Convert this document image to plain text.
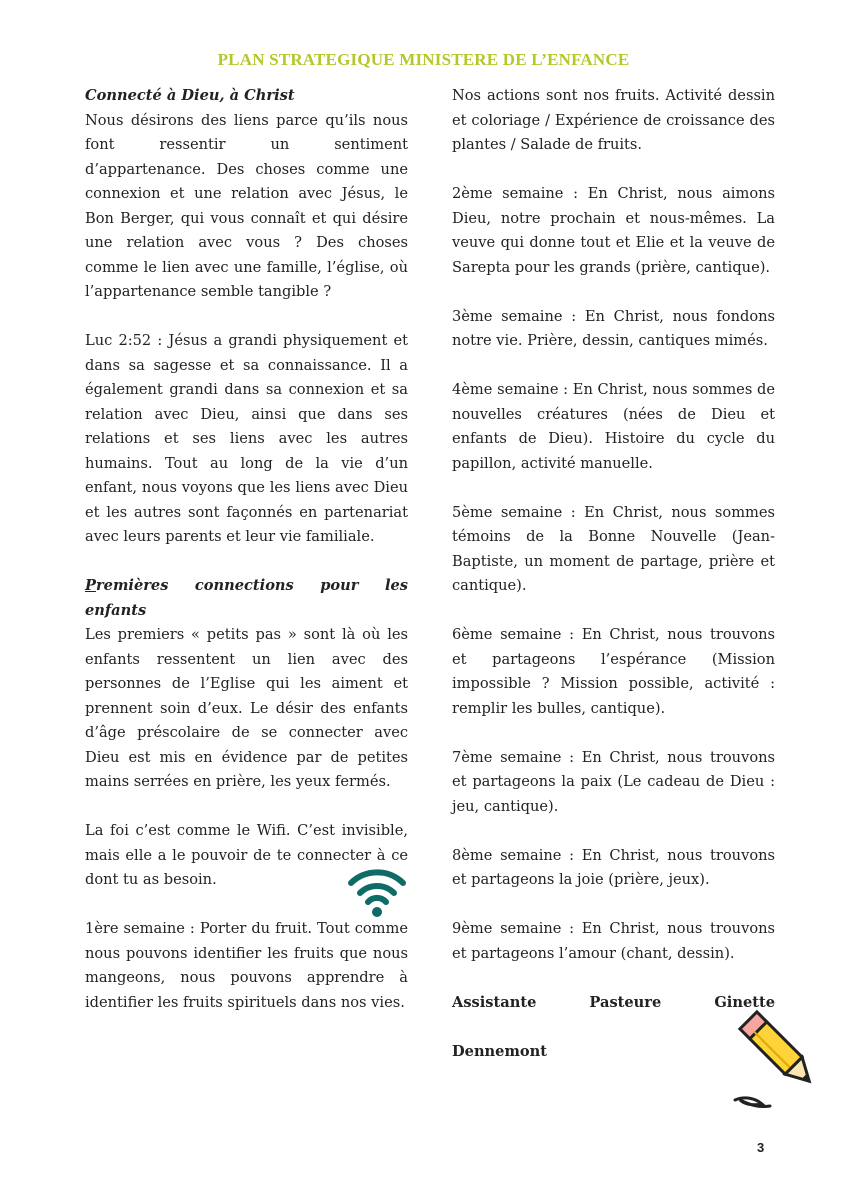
PLAN STRATEGIQUE MINISTERE DE L’ENFANCE

Connecté à Dieu, à Christ

Nous désirons des liens parce qu’ils nous font ressentir un sentiment d’appartenance. Des choses comme une connexion et une relation avec Jésus, le Bon Berger, qui vous connaît et qui désire une relation avec vous ? Des choses comme le lien avec une famille, l’église, où l’appartenance semble tangible ?

Luc 2:52 : Jésus a grandi physiquement et dans sa sagesse et sa connaissance. Il a également grandi dans sa connexion et sa relation avec Dieu, ainsi que dans ses relations et ses liens avec les autres humains. Tout au long de la vie d’un enfant, nous voyons que les liens avec Dieu et les autres sont façonnés en partenariat avec leurs parents et leur vie familiale.

Premières connections pour les enfants

Les premiers « petits pas » sont là où les enfants ressentent un lien avec des personnes de l’Eglise qui les aiment et prennent soin d’eux. Le désir des enfants d’âge préscolaire de se connecter avec Dieu est mis en évidence par de petites mains serrées en prière, les yeux fermés.

La foi c’est comme le Wifi. C’est invisible, mais elle a le pouvoir de te connecter à ce dont tu as besoin.

1ère semaine : Porter du fruit. Tout comme nous pouvons identifier les fruits que nous mangeons, nous pouvons apprendre à identifier les fruits spirituels dans nos vies.

Nos actions sont nos fruits. Activité dessin et coloriage / Expérience de croissance des plantes / Salade de fruits.

2ème semaine : En Christ, nous aimons Dieu, notre prochain et nous-mêmes. La veuve qui donne tout et Elie et la veuve de Sarepta pour les grands (prière, cantique).

3ème semaine : En Christ, nous fondons notre vie. Prière, dessin, cantiques mimés.

4ème semaine : En Christ, nous sommes de nouvelles créatures (nées de Dieu et enfants de Dieu). Histoire du cycle du papillon, activité manuelle.

5ème semaine : En Christ, nous sommes témoins de la Bonne Nouvelle (Jean-Baptiste, un moment de partage, prière et cantique).

6ème semaine : En Christ, nous trouvons et partageons l’espérance (Mission impossible ? Mission possible, activité : remplir les bulles, cantique).

7ème semaine : En Christ, nous trouvons et partageons la paix (Le cadeau de Dieu : jeu, cantique).

8ème semaine : En Christ, nous trouvons et partageons la joie (prière, jeux).

9ème semaine : En Christ, nous trouvons et partageons l’amour (chant, dessin).

Assistante Pasteure Ginette

Dennemont

3
